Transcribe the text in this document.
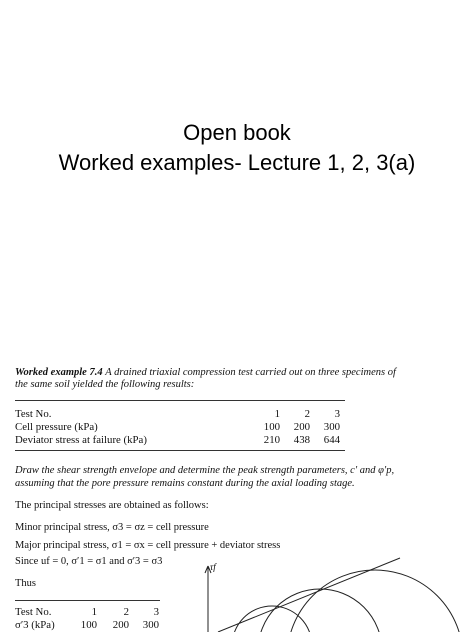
Open book
Worked examples- Lecture 1, 2, 3(a)
Worked example 7.4 A drained triaxial compression test carried out on three specimens of
the same soil yielded the following results:
Test No.	1	2	3
Cell pressure (kPa)	100	200	300
Deviator stress at failure (kPa)	210	438	644
Draw the shear strength envelope and determine the peak strength parameters, c′ and φ′p,
assuming that the pore pressure remains constant during the axial loading stage.
The principal stresses are obtained as follows:
Minor principal stress, σ3 = σz = cell pressure
Major principal stress, σ1 = σx = cell pressure + deviator stress
Since uf = 0, σ′1 = σ1 and σ′3 = σ3
Thus
Test No.	1	2	3
σ′3 (kPa)	100	200	300
τf
